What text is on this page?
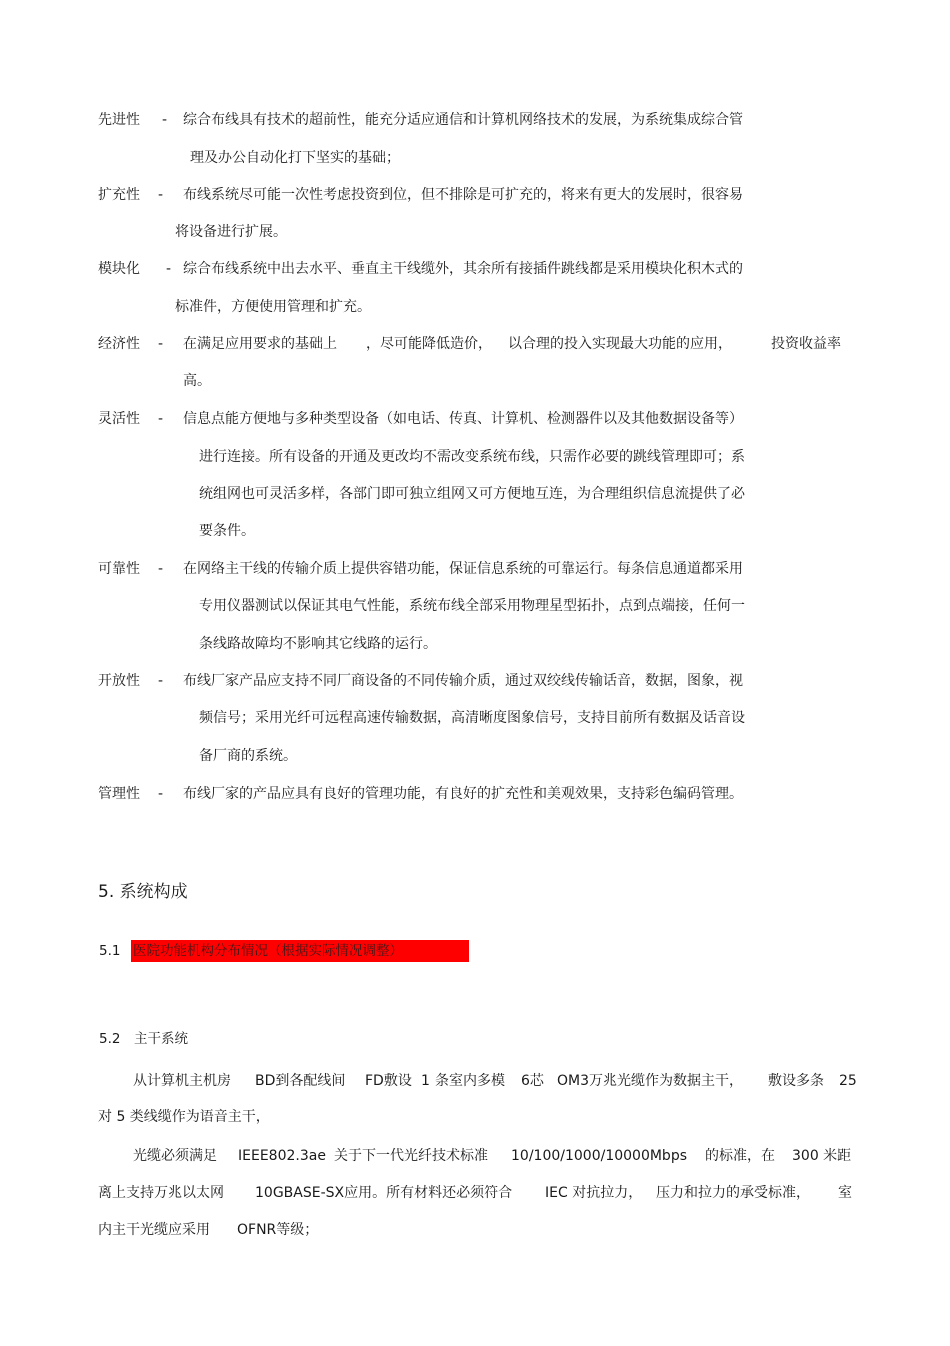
先进性 - 综合布线具有技术的超前性，能充分适应通信和计算机网络技术的发展，为系统集成综合管
理及办公自动化打下坚实的基础；
扩充性 - 布线系统尽可能一次性考虑投资到位，但不排除是可扩充的，将来有更大的发展时，很容易
将设备进行扩展。
模块化 - 综合布线系统中出去水平、垂直主干线缆外，其余所有接插件跳线都是采用模块化积木式的
标准件，方便使用管理和扩充。
经济性 - 在满足应用要求的基础上 ，尽可能降低造价， 以合理的投入实现最大功能的应用，	投资收益率
高。
灵活性 - 信息点能方便地与多种类型设备（如电话、传真、计算机、检测器件以及其他数据设备等）
进行连接。所有设备的开通及更改均不需改变系统布线，只需作必要的跳线管理即可；系
统组网也可灵活多样，各部门即可独立组网又可方便地互连，为合理组织信息流提供了必
要条件。
可靠性 - 在网络主干线的传输介质上提供容错功能，保证信息系统的可靠运行。每条信息通道都采用
专用仪器测试以保证其电气性能，系统布线全部采用物理星型拓扑，点到点端接，任何一
条线路故障均不影响其它线路的运行。
开放性 - 布线厂家产品应支持不同厂商设备的不同传输介质，通过双绞线传输话音，数据，图象，视
频信号；采用光纤可远程高速传输数据，高清晰度图象信号，支持目前所有数据及话音设
备厂商的系统。
管理性 - 布线厂家的产品应具有良好的管理功能，有良好的扩充性和美观效果，支持彩色编码管理。
5. 系统构成
5.1 医院功能机构分布情况（根据实际情况调整）
5.2 主干系统
从计算机主机房 BD到各配线间 FD敷设 1 条室内多模 6芯 OM3万兆光缆作为数据主干， 敷设多条 25
对 5 类线缆作为语音主干，
光缆必须满足 IEEE802.3ae 关于下一代光纤技术标准 10/100/1000/10000Mbps 的标准，在 300 米距
离上支持万兆以太网 10GBASE-SX应用。所有材料还必须符合 IEC 对抗拉力， 压力和拉力的承受标准， 室
内主干光缆应采用 OFNR等级；
